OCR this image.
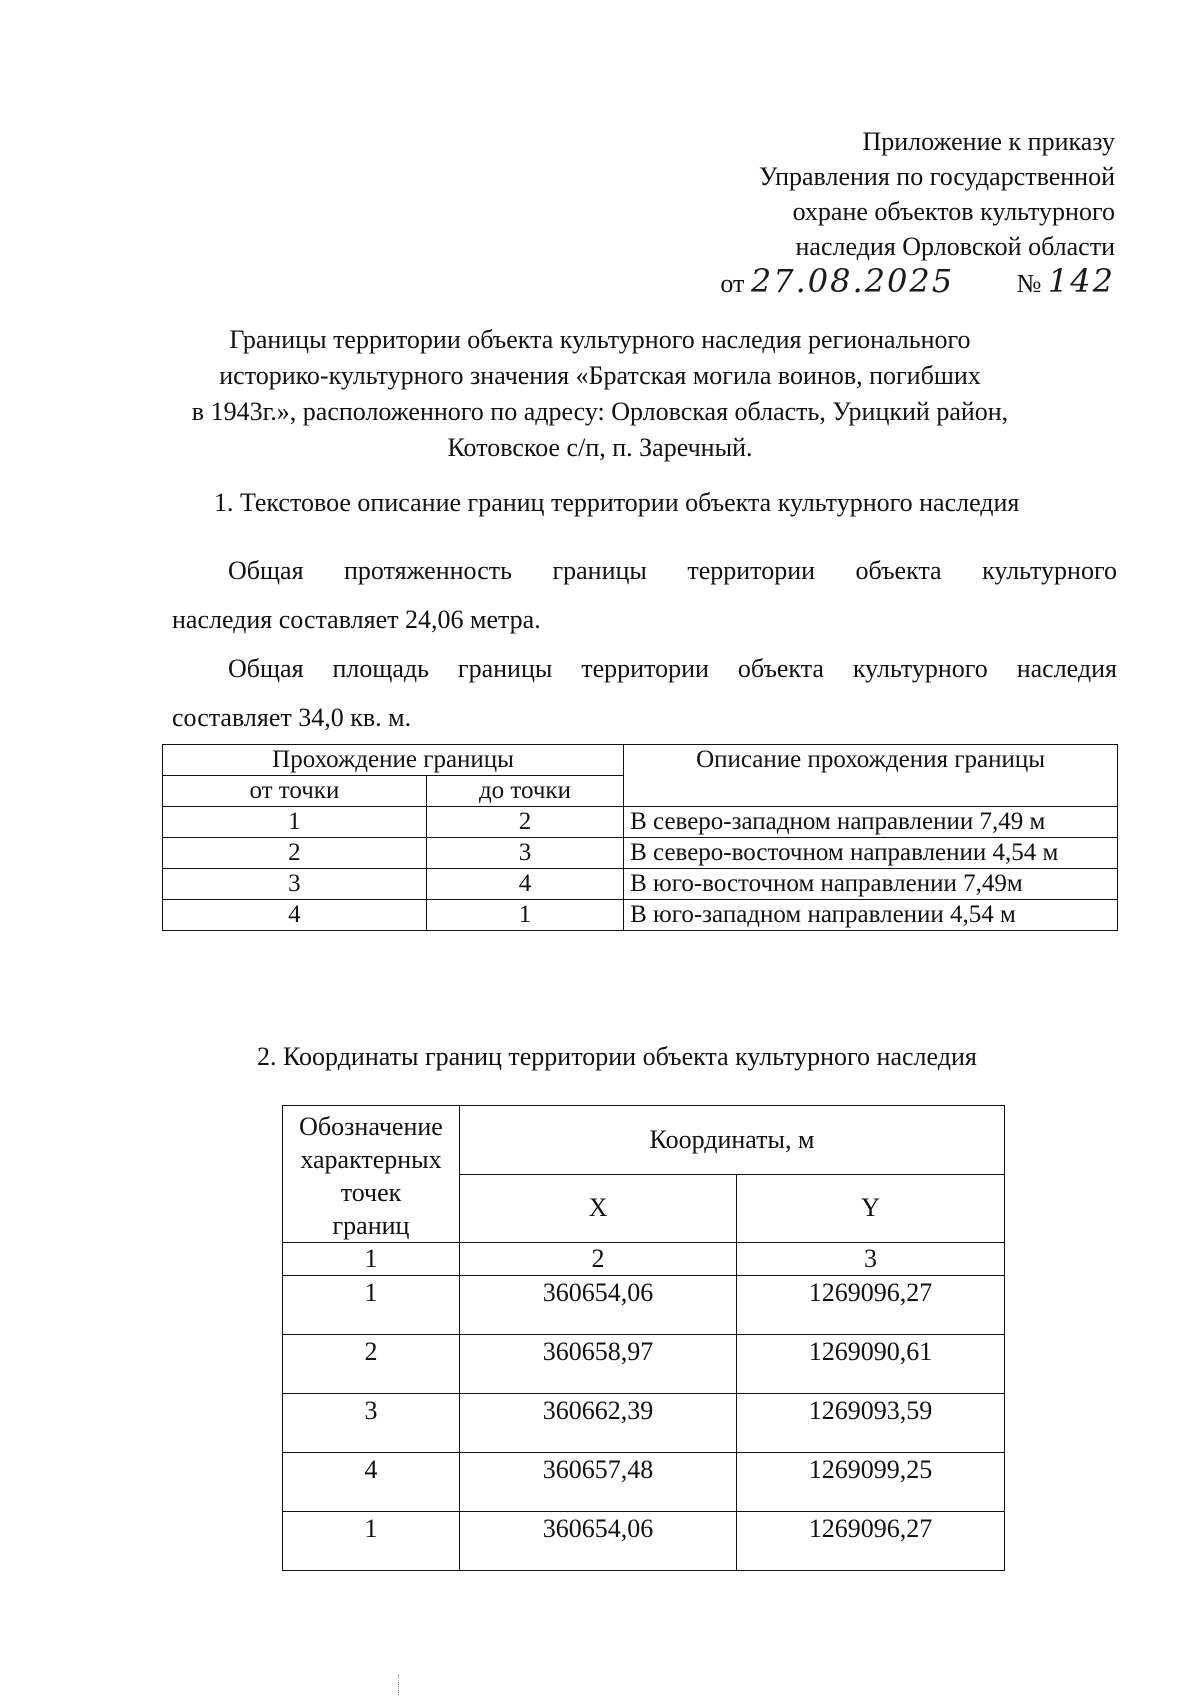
Приложение к приказу
Управления по государственной
охране объектов культурного
наследия Орловской области
от 27.08.2025 № 142
Границы территории объекта культурного наследия регионального
историко-культурного значения «Братская могила воинов, погибших
в 1943г.», расположенного по адресу: Орловская область, Урицкий район,
Котовское с/п, п. Заречный.
1. Текстовое описание границ территории объекта культурного наследия
Общая протяженность границы территории объекта культурного
наследия составляет 24,06 метра.
Общая площадь границы территории объекта культурного наследия
составляет 34,0 кв. м.
Прохождение границы		Описание прохождения границы
от точки	до точки	
1	2	В северо-западном направлении 7,49 м
2	3	В северо-восточном направлении 4,54 м
3	4	В юго-восточном направлении 7,49м
4	1	В юго-западном направлении 4,54 м
2. Координаты границ территории объекта культурного наследия
Обозначение
характерных
точек
границ	Координаты, м	
	X	Y
1	2	3
1	360654,06	1269096,27
2	360658,97	1269090,61
3	360662,39	1269093,59
4	360657,48	1269099,25
1	360654,06	1269096,27
